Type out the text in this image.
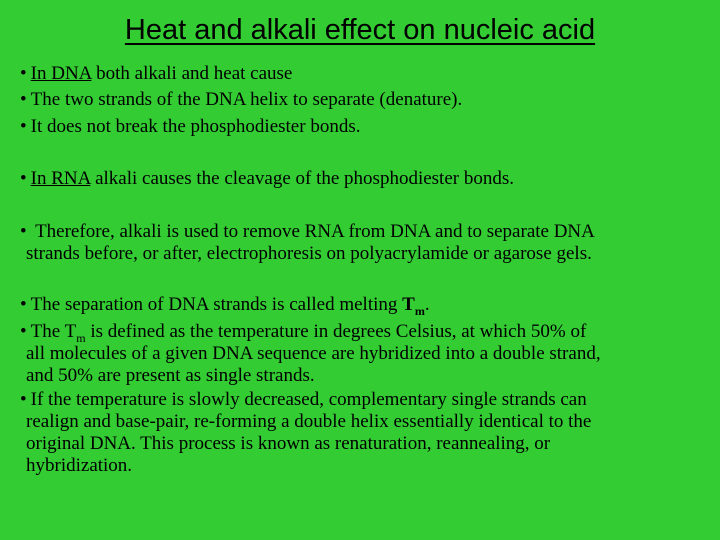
Heat and alkali effect on nucleic acid
• In DNA both alkali and heat cause
• The two strands of the DNA helix to separate (denature).
• It does not break the phosphodiester bonds.
• In RNA alkali causes the cleavage of the phosphodiester bonds.
• Therefore, alkali is used to remove RNA from DNA and to separate DNA
strands before, or after, electrophoresis on polyacrylamide or agarose gels.
• The separation of DNA strands is called melting $T_m$.
• The $T_m$ is defined as the temperature in degrees Celsius, at which 50% of
all molecules of a given DNA sequence are hybridized into a double strand,
and 50% are present as single strands.
• If the temperature is slowly decreased, complementary single strands can
realign and base-pair, re-forming a double helix essentially identical to the
original DNA. This process is known as renaturation, reannealing, or
hybridization.
